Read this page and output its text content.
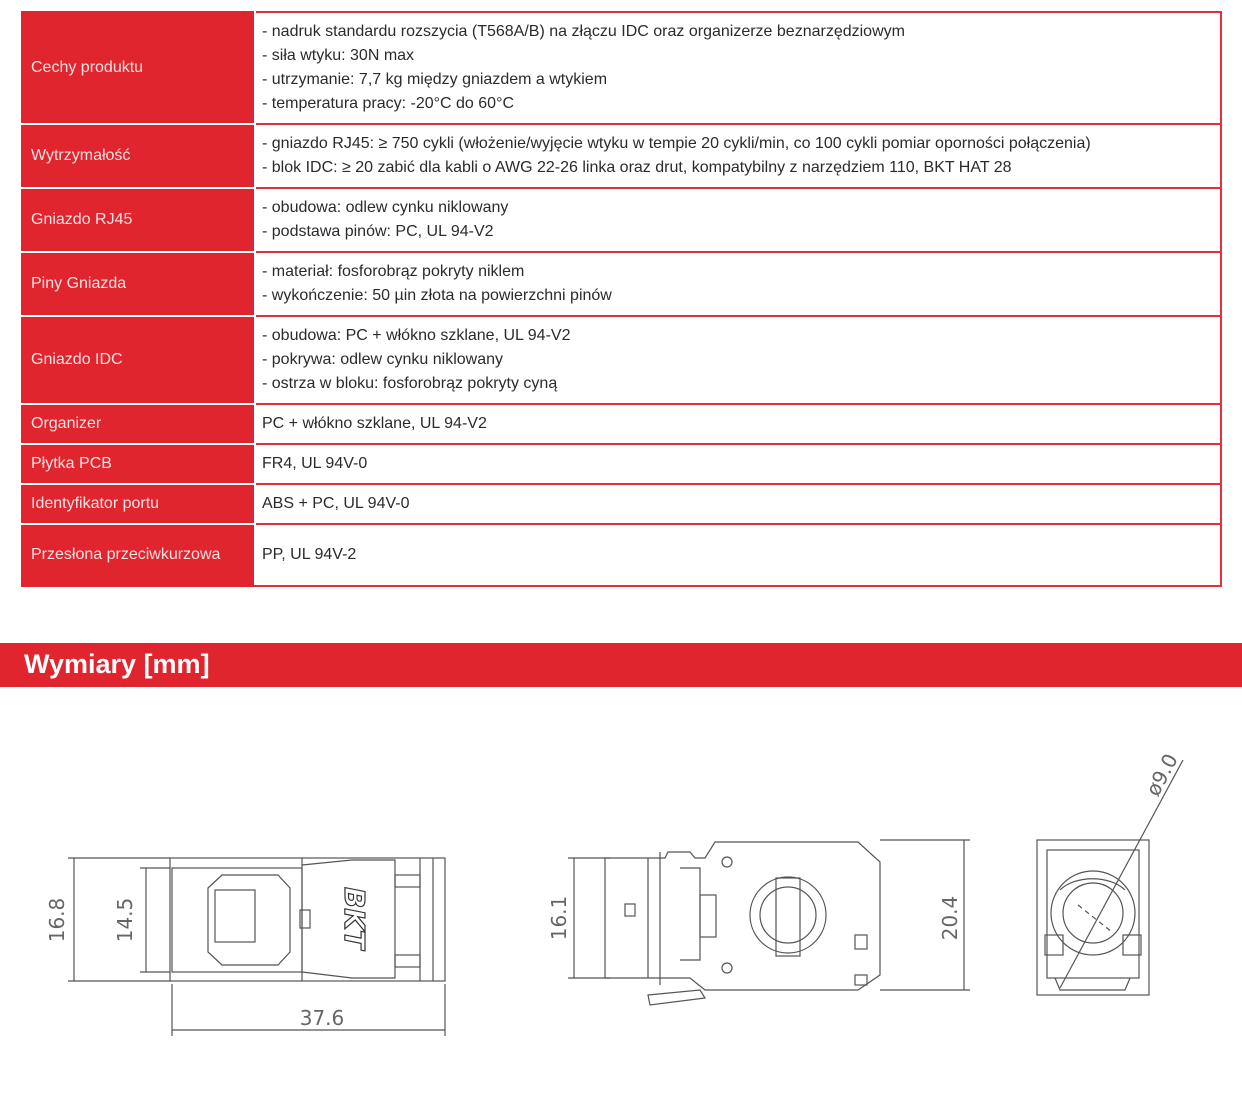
Cechy produktu	- nadruk standardu rozszycia (T568A/B) na złączu IDC oraz organizerze beznarzędziowym
- siła wtyku: 30N max
- utrzymanie: 7,7 kg między gniazdem a wtykiem
- temperatura pracy: -20°C do 60°C

Wytrzymałość	- gniazdo RJ45: ≥ 750 cykli (włożenie/wyjęcie wtyku w tempie 20 cykli/min, co 100 cykli pomiar oporności połączenia)
- blok IDC: ≥ 20 zabić dla kabli o AWG 22-26 linka oraz drut, kompatybilny z narzędziem 110, BKT HAT 28

Gniazdo RJ45	- obudowa: odlew cynku niklowany
- podstawa pinów: PC, UL 94-V2

Piny Gniazda	- materiał: fosforobrąz pokryty niklem
- wykończenie: 50 µin złota na powierzchni pinów

Gniazdo IDC	- obudowa: PC + włókno szklane, UL 94-V2
- pokrywa: odlew cynku niklowany
- ostrza w bloku: fosforobrąz pokryty cyną

Organizer	PC + włókno szklane, UL 94-V2

Płytka PCB	FR4, UL 94V-0

Identyfikator portu	ABS + PC, UL 94V-0

Przesłona przeciwkurzowa	PP, UL 94V-2
Wymiary [mm]
16.8 14.5
37.6
BKT	16.1	20.4
ø9.0
